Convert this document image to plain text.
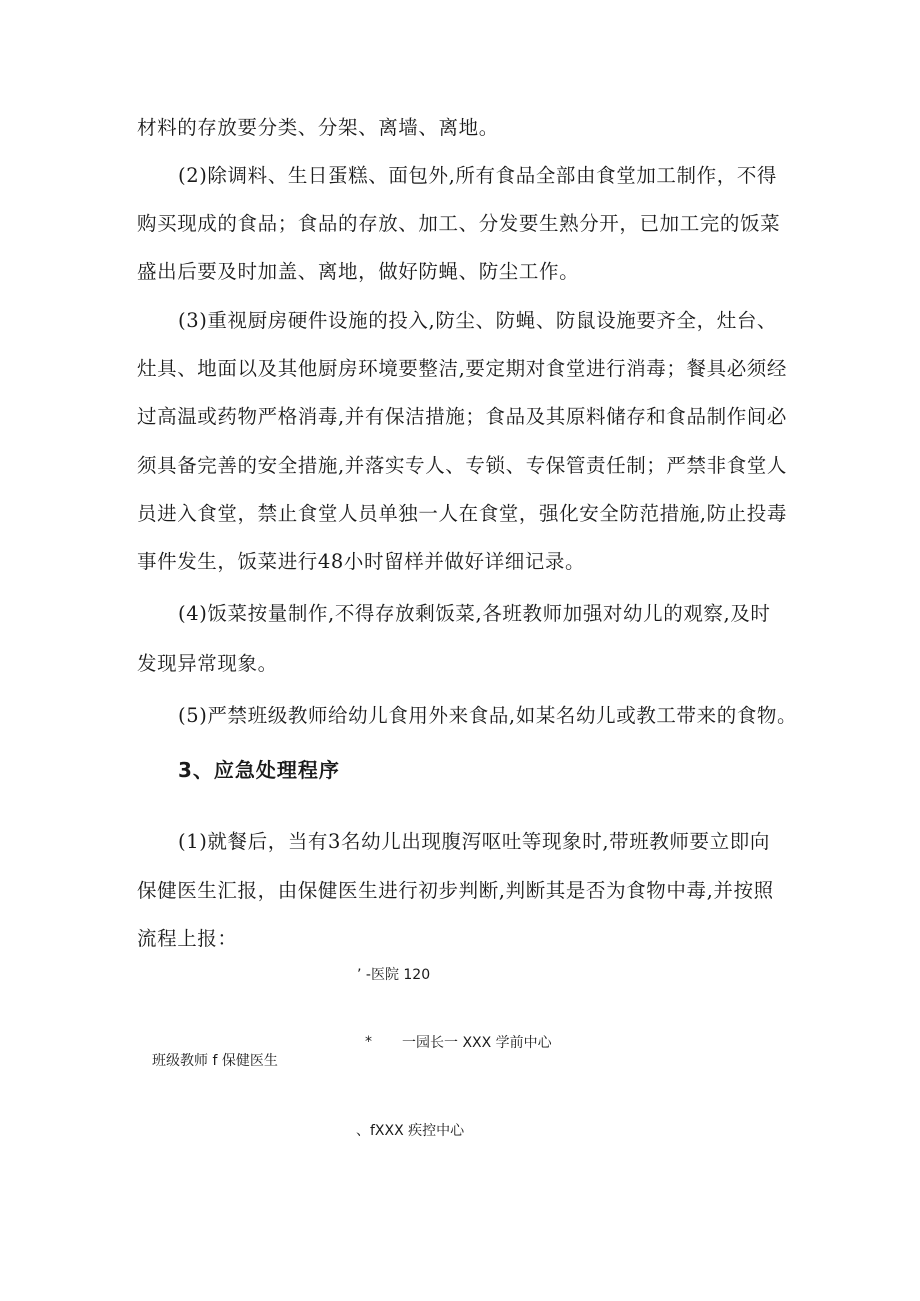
材料的存放要分类、分架、离墙、离地。
(2)除调料、生日蛋糕、面包外,所有食品全部由食堂加工制作，不得
购买现成的食品；食品的存放、加工、分发要生熟分开，已加工完的饭菜
盛出后要及时加盖、离地，做好防蝇、防尘工作。
(3)重视厨房硬件设施的投入,防尘、防蝇、防鼠设施要齐全，灶台、
灶具、地面以及其他厨房环境要整洁,要定期对食堂进行消毒；餐具必须经
过高温或药物严格消毒,并有保洁措施；食品及其原料储存和食品制作间必
须具备完善的安全措施,并落实专人、专锁、专保管责任制；严禁非食堂人
员进入食堂，禁止食堂人员单独一人在食堂，强化安全防范措施,防止投毒
事件发生，饭菜进行48小时留样并做好详细记录。
(4)饭菜按量制作,不得存放剩饭菜,各班教师加强对幼儿的观察,及时
发现异常现象。
(5)严禁班级教师给幼儿食用外来食品,如某名幼儿或教工带来的食物。
3、应急处理程序
(1)就餐后，当有3名幼儿出现腹泻呕吐等现象时,带班教师要立即向
保健医生汇报，由保健医生进行初步判断,判断其是否为食物中毒,并按照
流程上报：
’ -医院 120
* 一园长一 XXX 学前中心
班级教师 f 保健医生
、fXXX 疾控中心
